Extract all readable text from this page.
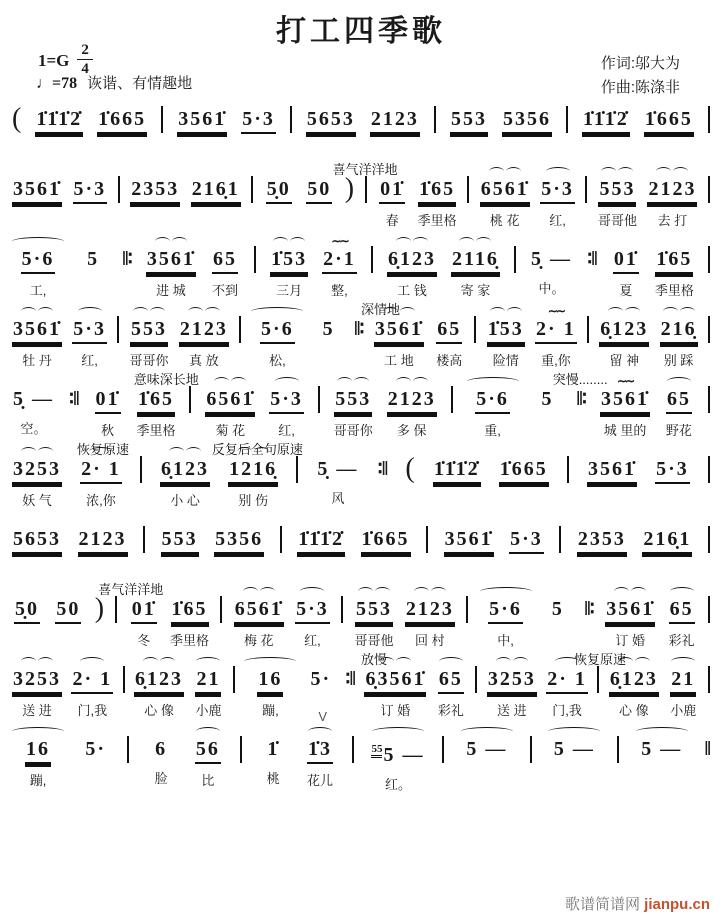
打工四季歌
$1=G \frac{2}{4}$
♩=78 诙谐、有情趣地
作词:邬大为
作曲:陈涤非
( 1̇1̇1̇2̇ 1̇665 3561̇ 5·3 5653 2123 553 5356 1̇1̇1̇2̇ 1̇665
喜气洋洋地
3561̇ 5·3 2353 216̣1 5̣0 50 ) 01̇
春
1̇65
季里格
6561̇
桃 花
5·3
红,
553
哥哥他
2123
去 打
5·6
工,
5 ‖∶ 3561̇
进 城
65
不到
1̇53
三月
∼∼
2·1
整,
6̣123
工 钱
2116̣
寄 家
5̣ —
中。
∶‖ 01̇
夏
1̇65
季里格
深情地
3561̇
牡 丹
5·3
红,
553
哥哥你
2123
真 放
5·6
松,
5 ‖∶ 3561̇
工 地
65
楼高
1̇53
险情
∼∼
2· 1
重,你
6̣123
留 神
216̣
别 踩
意味深长地	突慢........
5̣ —
空。
∶‖ 01̇
秋
1̇65
季里格
6561̇
菊 花
5·3
红,
553
哥哥你
2123
多 保
5·6
重,
5 ‖∶
∼∼
3561̇
城 里的
65
野花
恢复原速	反复后全句原速
3253
妖 气
2· 1
浓,你
6̣123
小 心
1216̣
别 伤
5̣ —
风
∶‖ ( 1̇1̇1̇2̇ 1̇665 3561̇ 5·3
5653 2123 553 5356 1̇1̇1̇2̇ 1̇665 3561̇ 5·3 2353 216̣1
喜气洋洋地
5̣0 50 ) 01̇
冬
1̇65
季里格
6561̇
梅 花
5·3
红,
553
哥哥他
2123
回 村
5·6
中,
5 ‖∶ 3561̇
订 婚
65
彩礼
放慢	恢复原速
V
3253
送 进
2· 1
门,我
6̣123
心 像
21
小鹿
16
蹦,
5· ∶‖ 6̣3561̇
订 婚
65
彩礼
3253
送 进
2· 1
门,我
6̣123
心 像
21
小鹿
16
蹦,
5· 6
脸
56
比
1̇
桃
1̇3
花儿
$^{55}$5 —
红。
5 — 5 — 5 — ‖
歌谱简谱网 jianpu.cn
